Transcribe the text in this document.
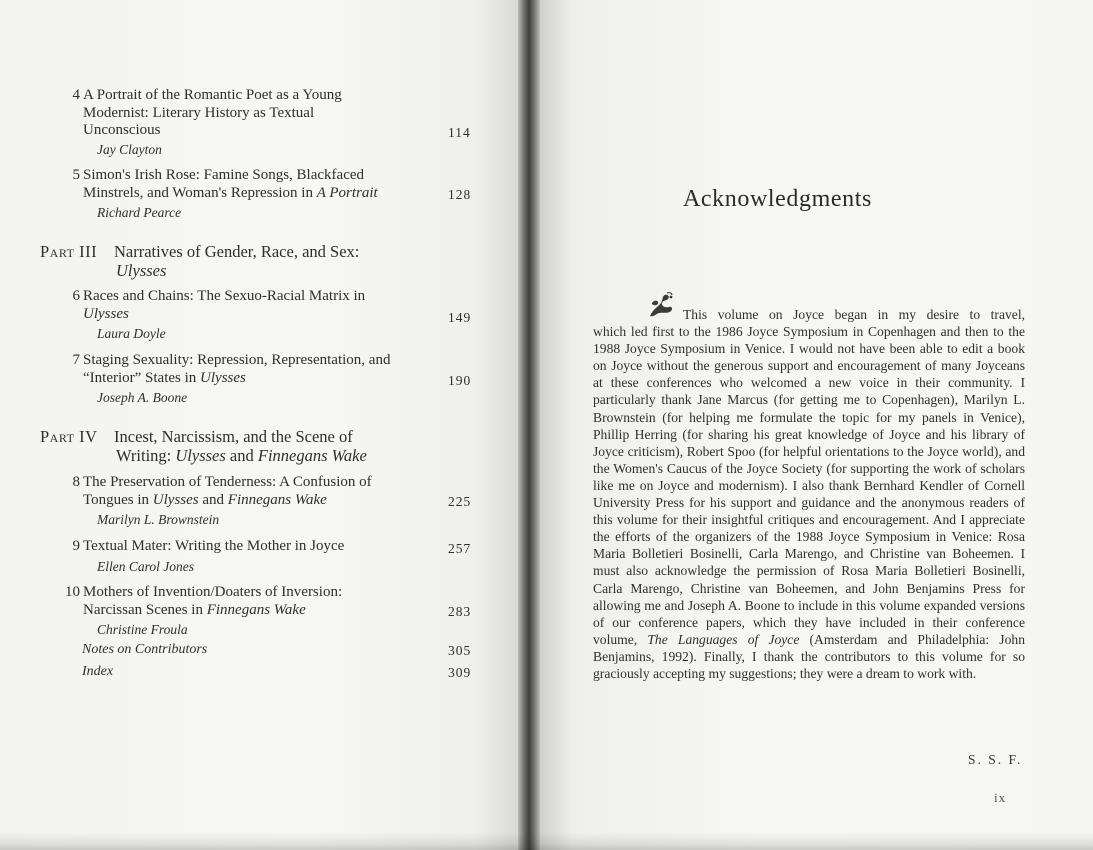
4 A Portrait of the Romantic Poet as a Young
Modernist: Literary History as Textual
Unconscious
Jay Clayton
114
5 Simon's Irish Rose: Famine Songs, Blackfaced
Minstrels, and Woman's Repression in A Portrait
Richard Pearce
128
Part III Narratives of Gender, Race, and Sex:
Ulysses
6 Races and Chains: The Sexuo-Racial Matrix in
Ulysses
Laura Doyle
149
7 Staging Sexuality: Repression, Representation, and
“Interior” States in Ulysses
Joseph A. Boone
190
Part IV Incest, Narcissism, and the Scene of
Writing: Ulysses and Finnegans Wake
8 The Preservation of Tenderness: A Confusion of
Tongues in Ulysses and Finnegans Wake
Marilyn L. Brownstein
225
9 Textual Mater: Writing the Mother in Joyce
Ellen Carol Jones
257
10 Mothers of Invention/Doaters of Inversion:
Narcissan Scenes in Finnegans Wake
Christine Froula
283
Notes on Contributors	305
Index	309
Acknowledgments
This volume on Joyce began in my desire to travel,
which led first to the 1986 Joyce Symposium in Copenhagen and then to the 1988 Joyce Symposium in Venice. I would not have been able to edit a book on Joyce without the generous support and encouragement of many Joyceans at these conferences who welcomed a new voice in their community. I particularly thank Jane Marcus (for getting me to Copenhagen), Marilyn L. Brownstein (for helping me formulate the topic for my panels in Venice), Phillip Herring (for sharing his great knowledge of Joyce and his library of Joyce criticism), Robert Spoo (for helpful orientations to the Joyce world), and the Women's Caucus of the Joyce Society (for supporting the work of scholars like me on Joyce and modernism). I also thank Bernhard Kendler of Cornell University Press for his support and guidance and the anonymous readers of this volume for their insightful critiques and encouragement. And I appreciate the efforts of the organizers of the 1988 Joyce Symposium in Venice: Rosa Maria Bolletieri Bosinelli, Carla Marengo, and Christine van Boheemen. I must also acknowledge the permission of Rosa Maria Bolletieri Bosinelli, Carla Marengo, Christine van Boheemen, and John Benjamins Press for allowing me and Joseph A. Boone to include in this volume expanded versions of our conference papers, which they have included in their conference volume, The Languages of Joyce (Amsterdam and Philadelphia: John Benjamins, 1992). Finally, I thank the contributors to this volume for so graciously accepting my suggestions; they were a dream to work with.
S. S. F.
ix
